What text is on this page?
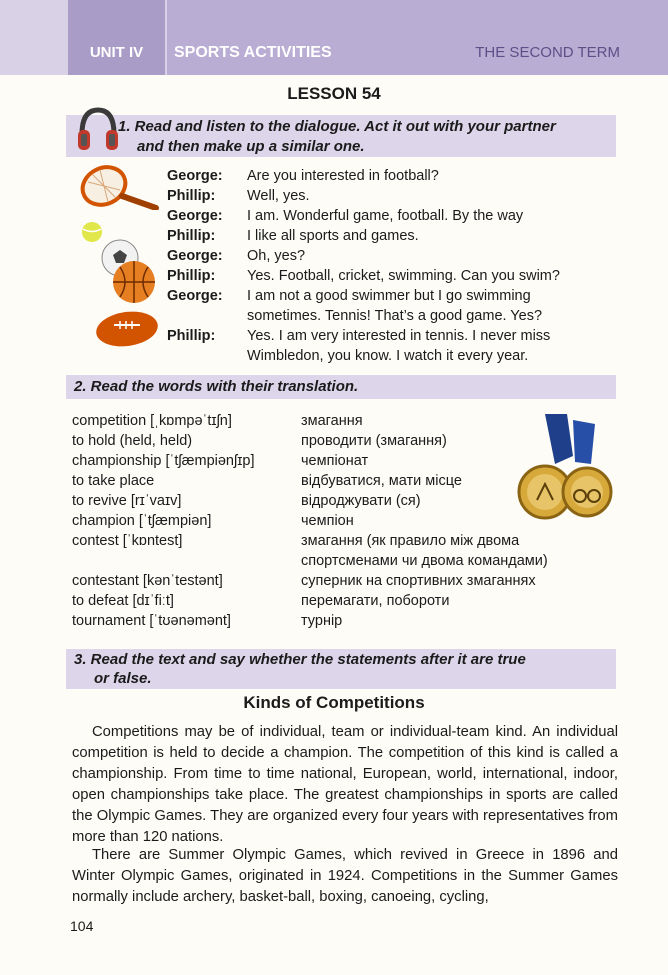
UNIT IV SPORTS ACTIVITIES	THE SECOND TERM
LESSON 54
1. Read and listen to the dialogue. Act it out with your partner
and then make up a similar one.
George: Are you interested in football?
Phillip: Well, yes.
George: I am. Wonderful game, football. By the way
Phillip: I like all sports and games.
George: Oh, yes?
Phillip: Yes. Football, cricket, swimming. Can you swim?
George: I am not a good swimmer but I go swimming
sometimes. Tennis! That’s a good game. Yes?
Phillip: Yes. I am very interested in tennis. I never miss
Wimbledon, you know. I watch it every year.
2. Read the words with their translation.
competition [ˌkɒmpəˈtɪʃn]	змагання
to hold (held, held)	проводити (змагання)
championship [ˈtʃæmpiənʃɪp]	чемпіонат
to take place	відбуватися, мати місце
to revive [rɪˈvaɪv]	відроджувати (ся)
champion [ˈtʃæmpiən]	чемпіон
contest [ˈkɒntest]	змагання (як правило між двома
спортсменами чи двома командами)
contestant [kənˈtestənt]	суперник на спортивних змаганнях
to defeat [dɪˈfiːt]	перемагати, побороти
tournament [ˈtʊənəmənt]	турнір
3. Read the text and say whether the statements after it are true
or false.
Kinds of Competitions

Competitions may be of individual, team or individual-team kind. An individual competition is held to decide a champion. The competition of this kind is called a championship. From time to time national, European, world, international, indoor, open championships take place. The greatest championships in sports are called the Olympic Games. They are organized every four years with representatives from more than 120 nations.

There are Summer Olympic Games, which revived in Greece in 1896 and Winter Olympic Games, originated in 1924. Competitions in the Summer Games normally include archery, basket-ball, boxing, canoeing, cycling,

104
